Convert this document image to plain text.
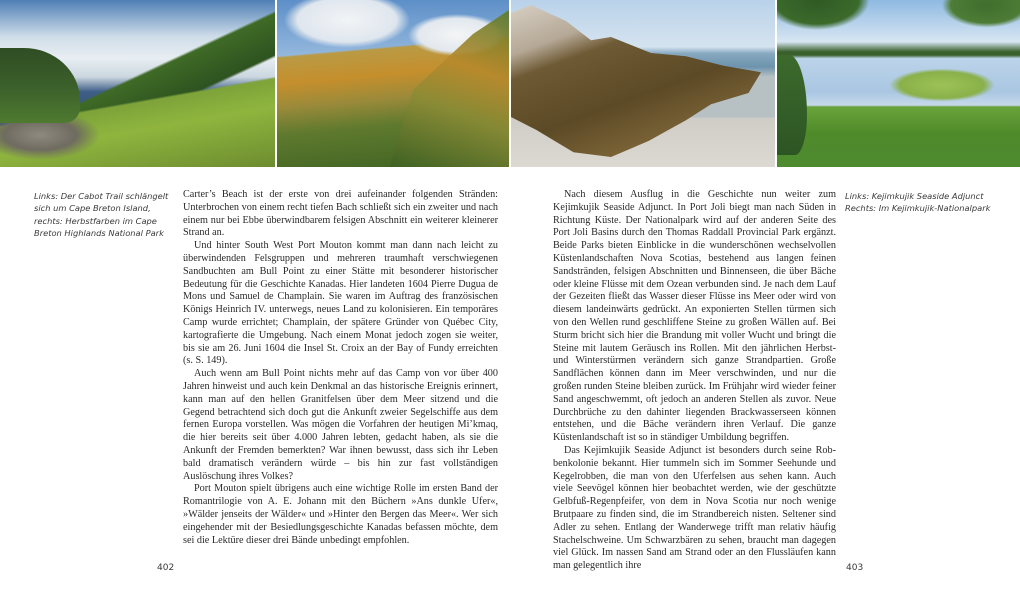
Links: Der Cabot Trail schlängelt sich um Cape Breton Island, rechts: Herbstfarben im Cape Breton Highlands National Park

Carter’s Beach ist der erste von drei aufeinander folgenden Stränden: Unterbrochen von einem recht tiefen Bach schließt sich ein zweiter und nach einem nur bei Ebbe überwindbarem felsigen Abschnitt ein weiterer kleinerer Strand an.

Und hinter South West Port Mouton kommt man dann nach leicht zu überwindenden Felsgruppen und mehreren traumhaft verschwiegenen Sandbuchten am Bull Point zu einer Stätte mit besonderer historischer Bedeutung für die Geschichte Kanadas. Hier landeten 1604 Pierre Dugua de Mons und Samuel de Champlain. Sie waren im Auftrag des französischen Königs Heinrich IV. unterwegs, neues Land zu kolonisieren. Ein temporäres Camp wurde errichtet; Champlain, der spätere Gründer von Québec City, kartografierte die Umgebung. Nach einem Monat jedoch zogen sie weiter, bis sie am 26. Juni 1604 die Insel St. Croix an der Bay of Fundy erreichten (s. S. 149).

Auch wenn am Bull Point nichts mehr auf das Camp von vor über 400 Jahren hinweist und auch kein Denkmal an das historische Ereignis erinnert, kann man auf den hellen Granitfelsen über dem Meer sitzend und die Gegend betrachtend sich doch gut die Ankunft zweier Segelschiffe aus dem fernen Europa vorstellen. Was mögen die Vorfahren der heutigen Mi’kmaq, die hier bereits seit über 4.000 Jahren lebten, gedacht haben, als sie die Ankunft der Fremden bemerkten? War ihnen bewusst, dass sich ihr Leben bald dramatisch verändern würde – bis hin zur fast vollständigen Auslöschung ihres Volkes?

Port Mouton spielt übrigens auch eine wichtige Rolle im ersten Band der Romantrilogie von A. E. Johann mit den Büchern »Ans dunkle Ufer«, »Wälder jenseits der Wälder« und »Hinter den Bergen das Meer«. Wer sich eingehender mit der Besiedlungsgeschichte Kanadas befassen möchte, dem sei die Lektüre dieser drei Bände unbedingt empfohlen.

402
Links: Kejimkujik Seaside Adjunct
Rechts: Im Kejimkujik-Nationalpark

Nach diesem Ausflug in die Geschichte nun weiter zum Kejimkujik Seaside Adjunct. In Port Joli biegt man nach Süden in Richtung Küste. Der Nationalpark wird auf der anderen Seite des Port Joli Basins durch den Thomas Raddall Provincial Park ergänzt. Beide Parks bieten Einblicke in die wunderschönen wechselvollen Küstenlandschaften Nova Scotias, bestehend aus langen feinen Sandstränden, felsigen Abschnitten und Binnenseen, die über Bäche oder kleine Flüsse mit dem Ozean verbunden sind. Je nach dem Lauf der Gezeiten fließt das Wasser dieser Flüsse ins Meer oder wird von diesem landeinwärts gedrückt. An exponierten Stellen türmen sich von den Wellen rund geschliffene Steine zu großen Wällen auf. Bei Sturm bricht sich hier die Brandung mit voller Wucht und bringt die Steine mit lautem Geräusch ins Rollen. Mit den jährlichen Herbst- und Winterstürmen verändern sich ganze Strandpartien. Große Sandflächen können dann im Meer verschwinden, und nur die großen runden Steine bleiben zurück. Im Frühjahr wird wieder feiner Sand angeschwemmt, oft jedoch an anderen Stellen als zuvor. Neue Durchbrüche zu den dahinter liegenden Brackwasserseen können entstehen, und die Bäche verändern ihren Verlauf. Die ganze Küstenlandschaft ist so in ständiger Umbildung begriffen.

Das Kejimkujik Seaside Adjunct ist besonders durch seine Robbenkolonie bekannt. Hier tummeln sich im Sommer Seehunde und Kegelrobben, die man von den Uferfelsen aus sehen kann. Auch viele Seevögel können hier beobachtet werden, wie der geschützte Gelbfuß-Regenpfeifer, von dem in Nova Scotia nur noch wenige Brutpaare zu finden sind, die im Strandbereich nisten. Seltener sind Adler zu sehen. Entlang der Wanderwege trifft man relativ häufig Stachelschweine. Um Schwarzbären zu sehen, braucht man dagegen viel Glück. Im nassen Sand am Strand oder an den Flussläufen kann man gelegentlich ihre	403
